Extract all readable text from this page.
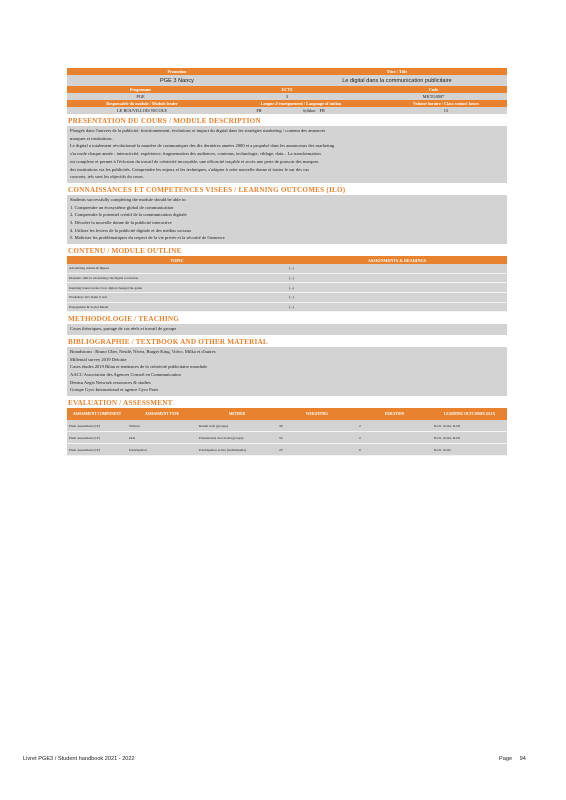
Promotion	Titre / Title
PGE 3 Nancy	Le digital dans la communication publicitaire
Programme	ECTS	Code
PGE	3	MKTG0007
Responsable du module / Module leader	Langue d'enseignement / Language of tuition	Volume horaire / Class contact hours
LE ROUVILLOIS NICOLE	FR	Syllabus FR	15
PRESENTATION DU COURS / MODULE DESCRIPTION
Plongée dans l'univers de la publicité, fonctionnement, évolutions et impact du digital dans les stratégies marketing / contenu des annonces
marques et institutions.
Le digital a totalement révolutionné la manière de communiquer des dix dernières années 2000 et a propulsé dans les annonceurs des marketing
s'accorde chaque année : interactivité, expérience, fragmentation des audiences, contenus, technologie, ciblage, data... La transformation
est complexe et permet à l'éclosion du travail de créativité incroyable, une efficacité traçable et accès une perte de pouvoir des marques
des institutions via les publicités. Comprendre les enjeux et les techniques, s'adapter à cette nouvelle donne et traiter le sur des cas
concrets, tels sont les objectifs du cours.
CONNAISSANCES ET COMPETENCES VISEES / LEARNING OUTCOMES (ILO)
Students successfully completing the module should be able to:
1. Comprendre un écosystème global de communication
2. Comprendre le potentiel créatif de la communication digitale
3. Décoder la nouvelle donne de la publicité interactive
4. Utiliser les leviers de la publicité digitale et des médias sociaux
5. Maîtriser les problématiques du respect de la vie privée et la sécurité de l'annonce
CONTENU / MODULE OUTLINE
TOPIC	ASSIGNMENTS & READINGS
Advertising culture & figures	(...)
Dramatic shift in advertising: the digital revolution	(...)
Inspiring brand stories: how digital changed the game	(...)
Workshop: let's make it real	(...)
Engagement & Social Media	(...)
METHODOLOGIE / TEACHING
Cours théoriques, partage de cas réels et travail de groupe
BIBLIOGRAPHIE / TEXTBOOK AND OTHER MATERIAL
Brandstorm : Bruno Uber, Nestlé, Nivea, Burger King, Volvo, Milka et d'autres
Millenial survey 2019 Deloitte
Cases études 2019 Bilan et tendances de la créativité publicitaire mondiale
AACC Association des Agences Conseil en Communication
Dentsu Aegis Network ressources & studies
Groupe Gyro International et agence Gyro Paris
EVALUATION / ASSESSMENT
ASSESSMENT COMPONENT	ASSESSMENT TYPE	MÉTHOD	WEIGHTING	DURATION	LEARNING OUTCOMES (ILO)
Final assessment (CF)	Written	Rendu écrit (groupe)	30	2	ILO1, ILO4, ILO5
Final assessment (CF)	Oral	Présentation du travail (groupe)	50	2	ILO1, ILO4, ILO5
Final assessment (CF)	Participation	Participation active (individuelle)	20	0	ILO1, ILO2
Livret PGE3 / Student handbook 2021 - 2022	Page 94
